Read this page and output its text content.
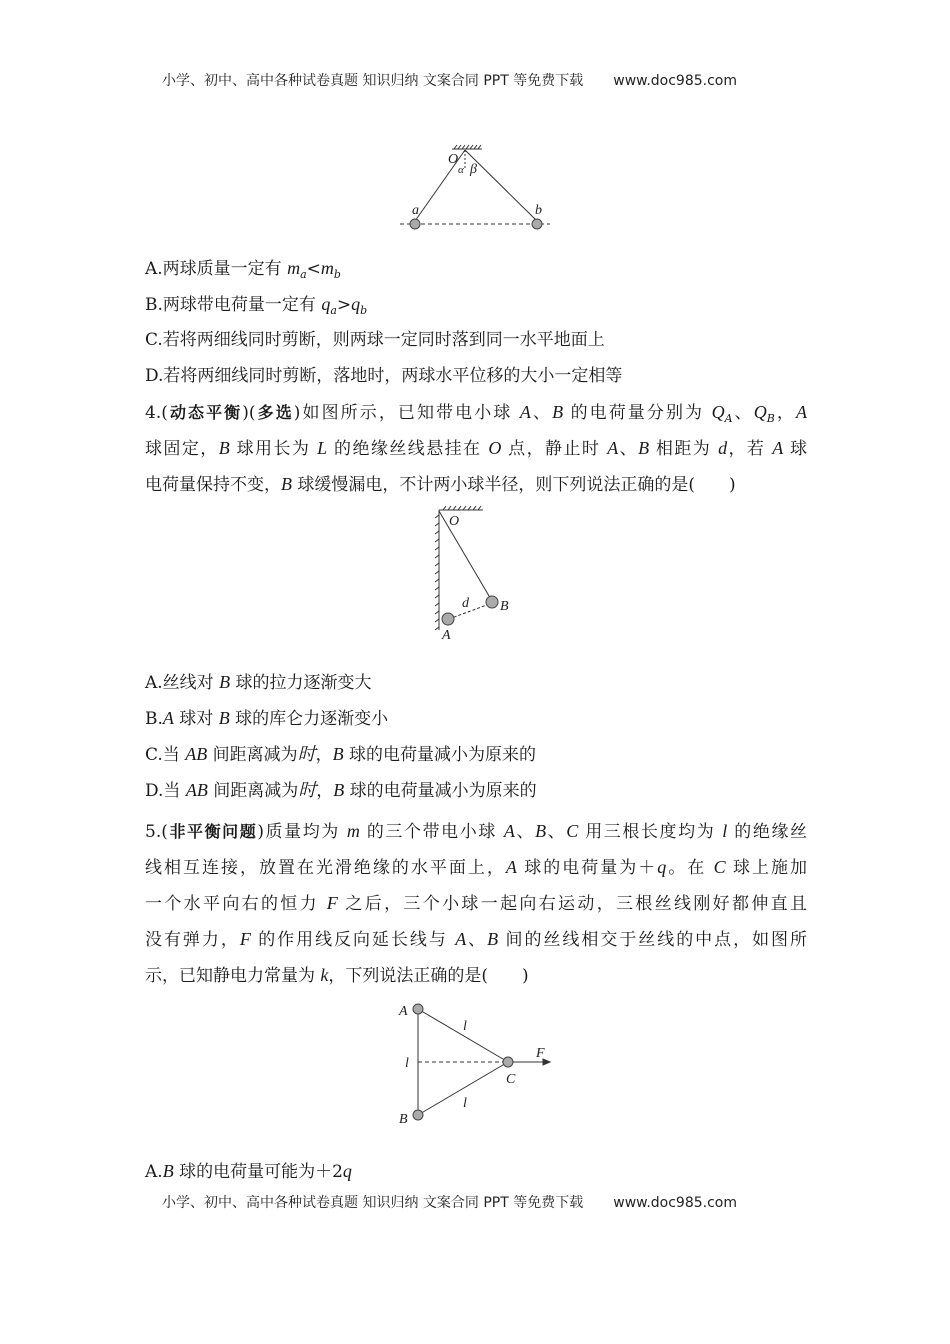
小学、初中、高中各种试卷真题 知识归纳 文案合同 PPT 等免费下载 www.doc985.com
O
α β
a	b
O
B
A
d
A
B
C
F
l
l
l
A.两球质量一定有 $m_a<m_b$
B.两球带电荷量一定有 $q_a>q_b$
C.若将两细线同时剪断，则两球一定同时落到同一水平地面上
D.若将两细线同时剪断，落地时，两球水平位移的大小一定相等
4.(动态平衡)(多选)如图所示，已知带电小球 A、B 的电荷量分别为 $Q_A$、$Q_B$，A
球固定，B 球用长为 L 的绝缘丝线悬挂在 O 点，静止时 A、B 相距为 d，若 A 球
电荷量保持不变，B 球缓慢漏电，不计两小球半径，则下列说法正确的是(　　)
A.丝线对 B 球的拉力逐渐变大
B.A 球对 B 球的库仑力逐渐变小
C.当 AB 间距离减为时，B 球的电荷量减小为原来的
D.当 AB 间距离减为时，B 球的电荷量减小为原来的
5.(非平衡问题)质量均为 m 的三个带电小球 A、B、C 用三根长度均为 l 的绝缘丝
线相互连接，放置在光滑绝缘的水平面上，A 球的电荷量为＋q。在 C 球上施加
一个水平向右的恒力 F 之后，三个小球一起向右运动，三根丝线刚好都伸直且
没有弹力，F 的作用线反向延长线与 A、B 间的丝线相交于丝线的中点，如图所
示，已知静电力常量为 k，下列说法正确的是(　　)
A.B 球的电荷量可能为＋2q
小学、初中、高中各种试卷真题 知识归纳 文案合同 PPT 等免费下载 www.doc985.com
